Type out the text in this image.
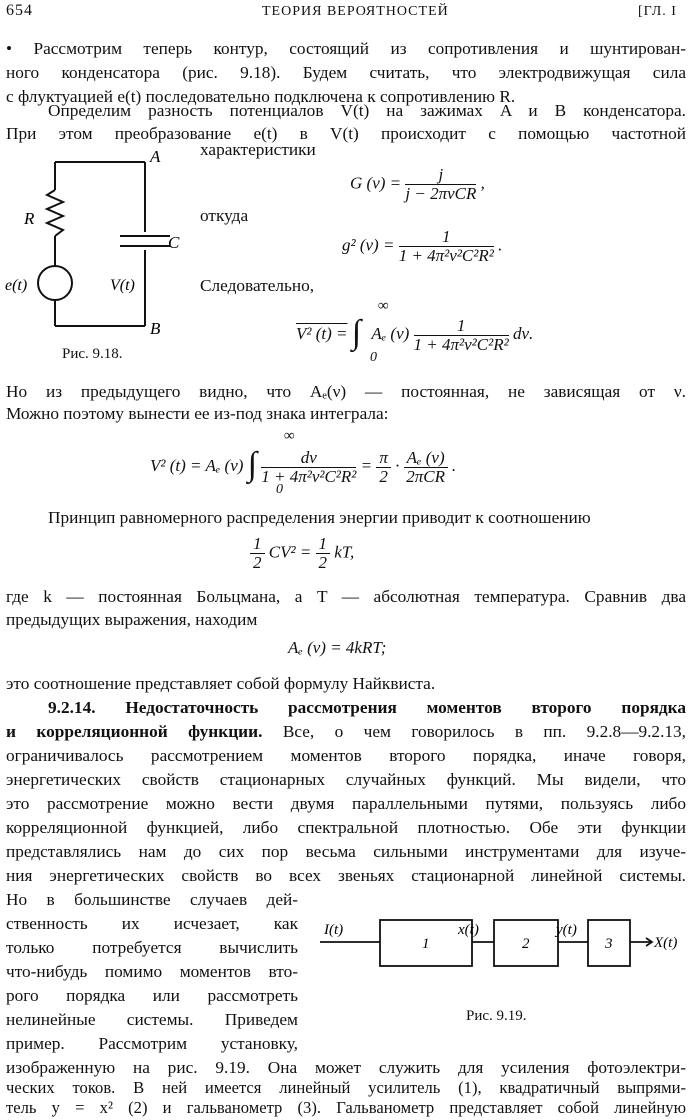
654	ТЕОРИЯ ВЕРОЯТНОСТЕЙ	[ГЛ. I
• Рассмотрим теперь контур, состоящий из сопротивления и шунтирован-
ного конденсатора (рис. 9.18). Будем считать, что электродвижущая сила
с флуктуацией e(t) последовательно подключена к сопротивлению R.
Определим разность потенциалов V(t) на зажимах A и B конденсатора.
При этом преобразование e(t) в V(t) происходит с помощью частотной
характеристики
A
B
R
C
e(t)	V(t)
Рис. 9.18.
G $(\nu) = \frac{j}{\text{j − 2πνCR}}$ ,
откуда
g² $(\nu) = \frac{1}{\text{1 + 4π²ν²C²R²}}$ .
Следовательно,
V² (t) = ∫
∞
0
Aₑ $(\nu) \frac{1}{\text{1 + 4π²ν²C²R²}} d\nu$.
Но из предыдущего видно, что Aₑ(ν) — постоянная, не зависящая от ν.
Можно поэтому вынести ее из-под знака интеграла:
V² (t) = Aₑ (ν) ∫
∞
0
$\frac{d\nu}{\text{1 + 4π²ν²C²R²}} = \frac{\pi}{2} \cdot \frac{\text{Aₑ (ν)}}{\text{2πCR}}$ .
Принцип равномерного распределения энергии приводит к соотношению
$\frac{1}{2} CV^2 = \frac{1}{2}$ kT,
где k — постоянная Больцмана, а T — абсолютная температура. Сравнив два
предыдущих выражения, находим
Aₑ (ν) = 4kRT;
это соотношение представляет собой формулу Найквиста.
9.2.14. Недостаточность рассмотрения моментов второго порядка
и корреляционной функции. Все, о чем говорилось в пп. 9.2.8—9.2.13,
ограничивалось рассмотрением моментов второго порядка, иначе говоря,
энергетических свойств стационарных случайных функций. Мы видели, что
это рассмотрение можно вести двумя параллельными путями, пользуясь либо
корреляционной функцией, либо спектральной плотностью. Обе эти функции
представлялись нам до сих пор весьма сильными инструментами для изуче-
ния энергетических свойств во всех звеньях стационарной линейной системы.
Но в большинстве случаев дей-
ственность их исчезает, как
только потребуется вычислить
что-нибудь помимо моментов вто-
рого порядка или рассмотреть
нелинейные системы. Приведем
пример. Рассмотрим установку,
I(t)	x(t)	y(t)
X(t)
1	2	3
Рис. 9.19.
изображенную на рис. 9.19. Она может служить для усиления фотоэлектри-
ческих токов. В ней имеется линейный усилитель (1), квадратичный выпрями-
тель y = x² (2) и гальванометр (3). Гальванометр представляет собой линейную
